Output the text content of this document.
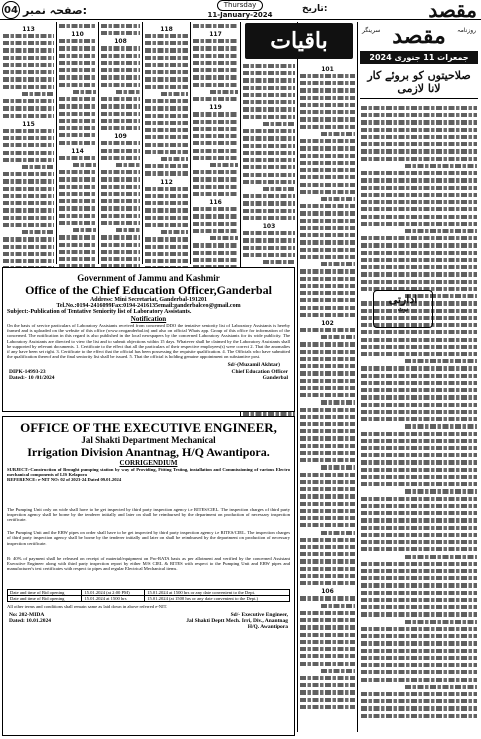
04 صفحہ نمبر:	Thursday
11-January-2024
تاریخ:	مقصد
113
115
110
114
108
109
118
112
117
119
116
باقیات
103
101
102
106
سرینگر مقصد	روزنامہ
جمعرات 11 جنوری 2024
صلاحیتوں کو بروئے کار لانا لازمی
ادارتی
نوٹ
Government of Jammu and Kashmir
Office of the Chief Education Officer,Ganderbal
Address: Mini Secretariat, Ganderbal-191201
Tel.No.:0194-2416099Fax:0194-2416135email:ganderbalceo@gmail.com
Subject:-Publication of Tentative Seniority list of Laboratory Assistants.
Notification
On the basis of service particulars of Laboratory Assistants received from concerned DDO the tentative seniority list of Laboratory Assistants is hereby framed and is uploaded on the website of this office (www.ceoganderbal.in) and also on official Whats app. Group of this office for information of the concerned. The notification in this regard is also published in the local newspapers by the concerned Laboratory Assistants for its wide publicity. The Laboratory Assistants are directed to view the list and to submit objections within 15 days. Whatever shall be claimed by the Laboratory Assistants shall be supported by relevant documents. 1. Certificate to the effect that all the particulars of their respective employees(s) were correct 2. That the anomalies if any have been set right. 3. Certificate to the effect that the official has been possessing the requisite qualification. 4. The Officials who have submitted the qualification thereof and the final seniority list shall be issued. 5. That the official is holding genuine appointment on substantive post.
Sd/-(Muzamil Akhtar)
DIPK-14993-23	Chief Education Officer
Dated:- 10 /01/2024	Ganderbal
OFFICE OF THE EXECUTIVE ENGINEER,
Jal Shakti Department Mechanical
Irrigation Division Anantnag, H/Q Awantipora.
CORRIGENDIUM
SUBJECT:-Construction of Brought pumping station by way of Providing, Fitting Testing, installation and Commissioning of various Electro mechanical components of LIS Kelapora
REFERENCE: e-NIT NO: 02 of 2023-24 Dated 09.01.2024
The Pumping Unit only on wide shall have to be get inspected by third party inspection agency i.e RITES/CIEL. The inspection charges of third party inspection agency shall be borne by the tenderer initially and later on shall be reimbursed by the department on production of necessary inspection certificate.
The Pumping Unit and the ERW pipes on order shall have to be get inspected by third party inspection agency i.e RITES/CIEL. The inspection charges of third party inspection agency shall be borne by the tenderer initially and later on shall be reimbursed by the department on production of necessary inspection certificate.
B: 40% of payment shall be released on receipt of material/equipment on Pro-RATA basis as per allotment and verified by the concerned Assistant Executive Engineer along with third party inspection report by either M/S CIEL & RITES with respect to the Pumping Unit and ERW pipes and manufacturer's test certificates with respect to pipes and regular Electrical Mechanical items.
Date and time of Bid opening	15.01.2024 (at 2:00 PM)	15.01.2024 at 1500 hrs or any date convenient to the Dept.
Date and time of Bid opening	15.01.2024 at 1500 hrs	15.01.2024 (at 1500 hrs or any date convenient to the Dept.)
All other terms and conditions shall remain same as laid down in above referred e-NIT.
No: 202-MIDA	Sd/- Executive Engineer,
Dated: 10.01.2024	Jal Shakti Deptt Mech. Irri, Div., Anantnag
H/Q. Awantipora
